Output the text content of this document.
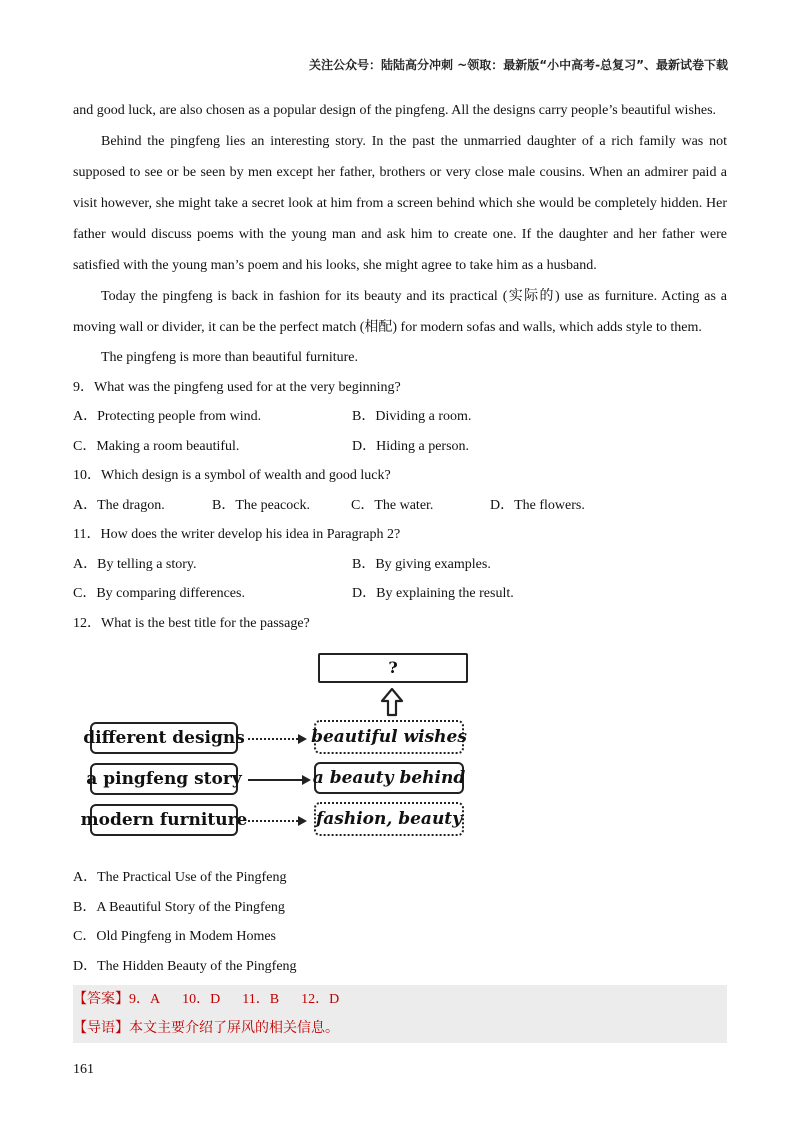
关注公众号：陆陆高分冲刺 ~领取：最新版“小中高考-总复习”、最新试卷下载

and good luck, are also chosen as a popular design of the pingfeng. All the designs carry people’s beautiful wishes.

Behind the pingfeng lies an interesting story. In the past the unmarried daughter of a rich family was not supposed to see or be seen by men except her father, brothers or very close male cousins. When an admirer paid a visit however, she might take a secret look at him from a screen behind which she would be completely hidden. Her father would discuss poems with the young man and ask him to create one. If the daughter and her father were satisfied with the young man’s poem and his looks, she might agree to take him as a husband.

Today the pingfeng is back in fashion for its beauty and its practical (实际的) use as furniture. Acting as a moving wall or divider, it can be the perfect match (相配) for modern sofas and walls, which adds style to them.

The pingfeng is more than beautiful furniture.

9．What was the pingfeng used for at the very beginning?

A．Protecting people from wind.	B．Dividing a room.
C．Making a room beautiful.	D．Hiding a person.

10．Which design is a symbol of wealth and good luck?

A．The dragon.	B．The peacock.	C．The water.	D．The flowers.

11．How does the writer develop his idea in Paragraph 2?

A．By telling a story.	B．By giving examples.
C．By comparing differences.	D．By explaining the result.

12．What is the best title for the passage?

?
different designs
a pingfeng story
modern furniture
beautiful wishes
a beauty behind
fashion, beauty
A．The Practical Use of the Pingfeng
B．A Beautiful Story of the Pingfeng
C．Old Pingfeng in Modem Homes
D．The Hidden Beauty of the Pingfeng
【答案】9．A 10．D 11．B 12．D
【导语】本文主要介绍了屏风的相关信息。
161
